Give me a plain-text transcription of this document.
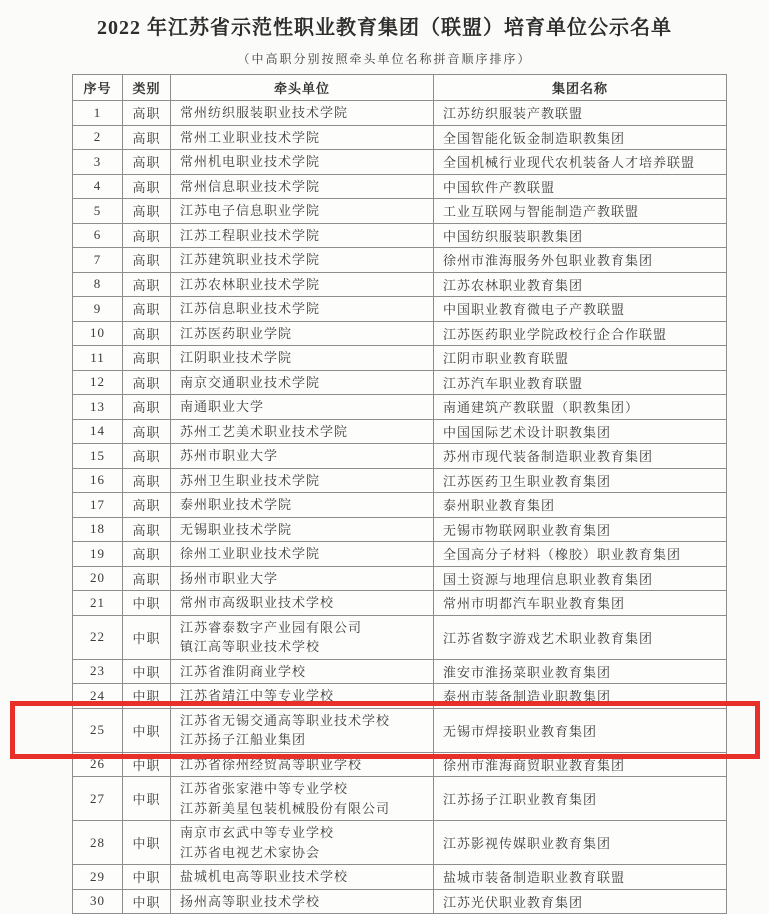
2022 年江苏省示范性职业教育集团（联盟）培育单位公示名单
（中高职分别按照牵头单位名称拼音顺序排序）
序号	类别	牵头单位	集团名称
1	高职	常州纺织服装职业技术学院	江苏纺织服装产教联盟
2	高职	常州工业职业技术学院	全国智能化钣金制造职教集团
3	高职	常州机电职业技术学院	全国机械行业现代农机装备人才培养联盟
4	高职	常州信息职业技术学院	中国软件产教联盟
5	高职	江苏电子信息职业学院	工业互联网与智能制造产教联盟
6	高职	江苏工程职业技术学院	中国纺织服装职教集团
7	高职	江苏建筑职业技术学院	徐州市淮海服务外包职业教育集团
8	高职	江苏农林职业技术学院	江苏农林职业教育集团
9	高职	江苏信息职业技术学院	中国职业教育微电子产教联盟
10	高职	江苏医药职业学院	江苏医药职业学院政校行企合作联盟
11	高职	江阴职业技术学院	江阴市职业教育联盟
12	高职	南京交通职业技术学院	江苏汽车职业教育联盟
13	高职	南通职业大学	南通建筑产教联盟（职教集团）
14	高职	苏州工艺美术职业技术学院	中国国际艺术设计职教集团
15	高职	苏州市职业大学	苏州市现代装备制造职业教育集团
16	高职	苏州卫生职业技术学院	江苏医药卫生职业教育集团
17	高职	泰州职业技术学院	泰州职业教育集团
18	高职	无锡职业技术学院	无锡市物联网职业教育集团
19	高职	徐州工业职业技术学院	全国高分子材料（橡胶）职业教育集团
20	高职	扬州市职业大学	国土资源与地理信息职业教育集团
21	中职	常州市高级职业技术学校	常州市明都汽车职业教育集团
22	中职	江苏睿泰数字产业园有限公司
镇江高等职业技术学校	江苏省数字游戏艺术职业教育集团
23	中职	江苏省淮阴商业学校	淮安市淮扬菜职业教育集团
24	中职	江苏省靖江中等专业学校	泰州市装备制造业职教集团
25	中职	江苏省无锡交通高等职业技术学校
江苏扬子江船业集团	无锡市焊接职业教育集团
26	中职	江苏省徐州经贸高等职业学校	徐州市淮海商贸职业教育集团
27	中职	江苏省张家港中等专业学校
江苏新美星包装机械股份有限公司	江苏扬子江职业教育集团
28	中职	南京市玄武中等专业学校
江苏省电视艺术家协会	江苏影视传媒职业教育集团
29	中职	盐城机电高等职业技术学校	盐城市装备制造职业教育联盟
30	中职	扬州高等职业技术学校	江苏光伏职业教育集团
